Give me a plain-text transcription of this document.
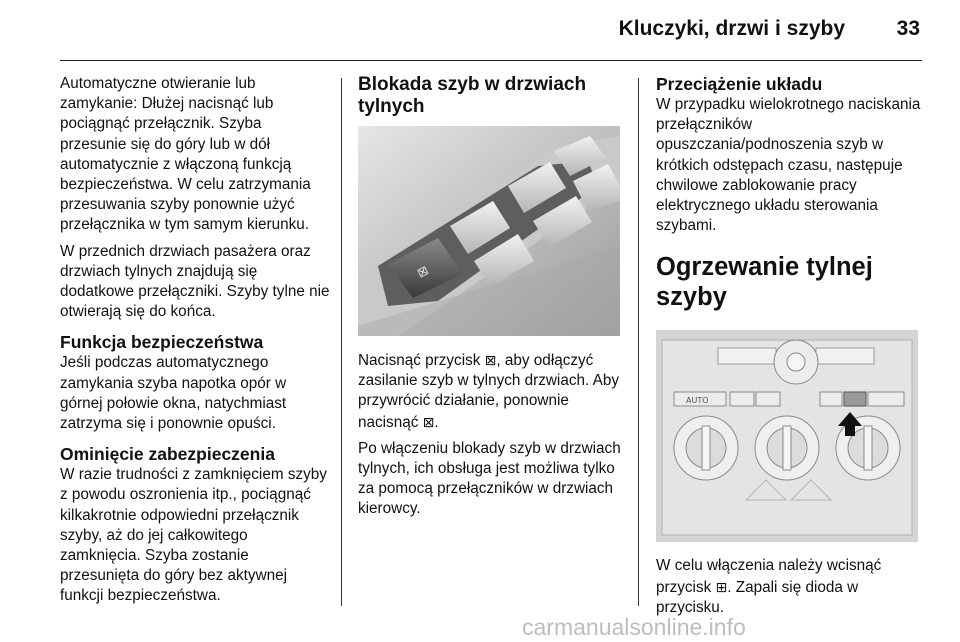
Kluczyki, drzwi i szyby 33

Automatyczne otwieranie lub zamykanie: Dłużej nacisnąć lub pociągnąć przełącznik. Szyba przesunie się do góry lub w dół automatycznie z włączoną funkcją bezpieczeństwa. W celu zatrzymania przesuwania szyby ponownie użyć przełącznika w tym samym kierunku.

W przednich drzwiach pasażera oraz drzwiach tylnych znajdują się dodatkowe przełączniki. Szyby tylne nie otwierają się do końca.

Funkcja bezpieczeństwa

Jeśli podczas automatycznego zamykania szyba napotka opór w górnej połowie okna, natychmiast zatrzyma się i ponownie opuści.

Ominięcie zabezpieczenia

W razie trudności z zamknięciem szyby z powodu oszronienia itp., pociągnąć kilkakrotnie odpowiedni przełącznik szyby, aż do jej całkowitego zamknięcia. Szyba zostanie przesunięta do góry bez aktywnej funkcji bezpieczeństwa.

Blokada szyb w drzwiach tylnych
⊠

Nacisnąć przycisk ⊠, aby odłączyć zasilanie szyb w tylnych drzwiach. Aby przywrócić działanie, ponownie nacisnąć ⊠.

Po włączeniu blokady szyb w drzwiach tylnych, ich obsługa jest możliwa tylko za pomocą przełączników w drzwiach kierowcy.

Przeciążenie układu

W przypadku wielokrotnego naciskania przełączników opuszczania/podnoszenia szyb w krótkich odstępach czasu, następuje chwilowe zablokowanie pracy elektrycznego układu sterowania szybami.

Ogrzewanie tylnej szyby
AUTO

W celu włączenia należy wcisnąć przycisk ⊞. Zapali się dioda w przycisku.

carmanualsonline.info
